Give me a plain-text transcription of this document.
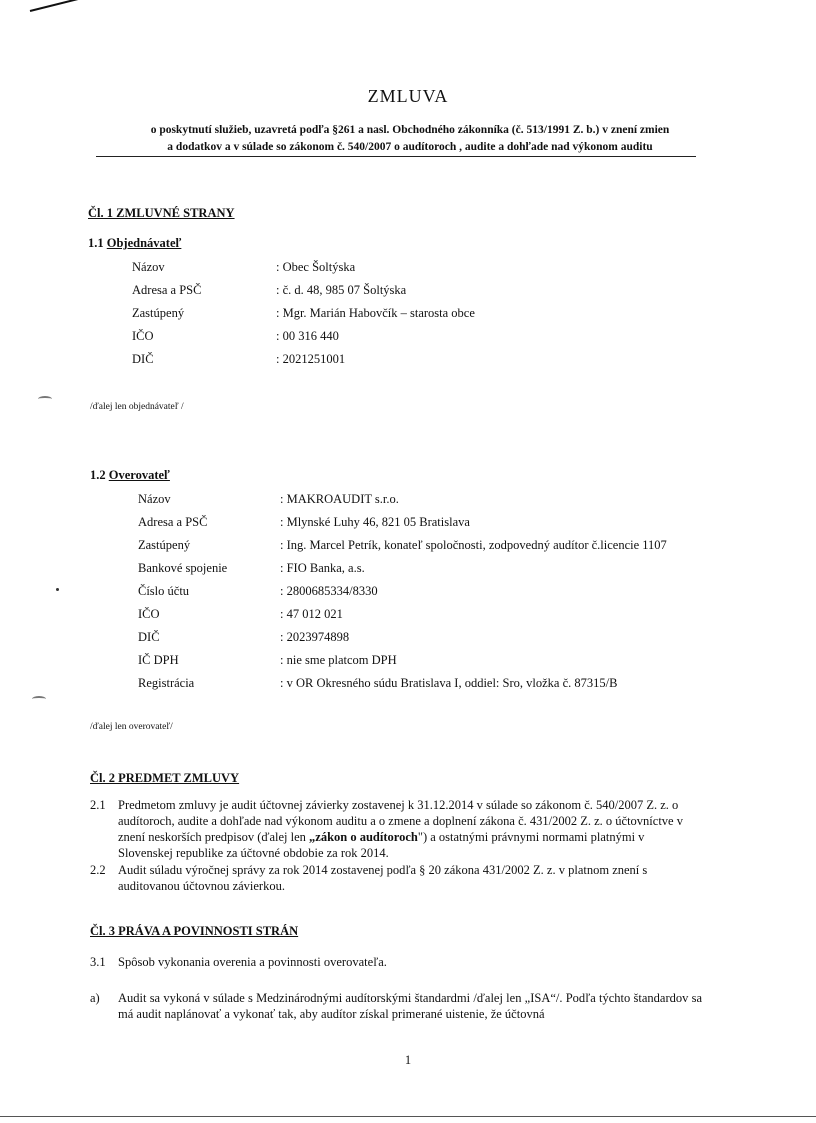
ZMLUVA
o poskytnutí služieb, uzavretá podľa §261 a nasl. Obchodného zákonníka (č. 513/1991 Z. b.) v znení zmien
a dodatkov a v súlade so zákonom č. 540/2007 o audítoroch , audite a dohľade nad výkonom auditu
Čl. 1 ZMLUVNÉ STRANY
1.1 Objednávateľ
Názov	: Obec Šoltýska
Adresa a PSČ	: č. d. 48, 985 07 Šoltýska
Zastúpený	: Mgr. Marián Habovčík – starosta obce
IČO	: 00 316 440
DIČ	: 2021251001
/ďalej len objednávateľ /
1.2 Overovateľ
Názov	: MAKROAUDIT s.r.o.
Adresa a PSČ	: Mlynské Luhy 46, 821 05 Bratislava
Zastúpený	: Ing. Marcel Petrík, konateľ spoločnosti, zodpovedný audítor č.licencie 1107
Bankové spojenie	: FIO Banka, a.s.
Číslo účtu	: 2800685334/8330
IČO	: 47 012 021
DIČ	: 2023974898
IČ DPH	: nie sme platcom DPH
Registrácia	: v OR Okresného súdu Bratislava I, oddiel: Sro, vložka č. 87315/B
/ďalej len overovateľ/
Čl. 2 PREDMET ZMLUVY
2.1 Predmetom zmluvy je audit účtovnej závierky zostavenej k 31.12.2014 v súlade so zákonom č. 540/2007 Z. z. o audítoroch, audite a dohľade nad výkonom auditu a o zmene a doplnení zákona č. 431/2002 Z. z. o účtovníctve v znení neskorších predpisov (ďalej len „zákon o audítoroch") a ostatnými právnymi normami platnými v Slovenskej republike za účtovné obdobie za rok 2014.
2.2 Audit súladu výročnej správy za rok 2014 zostavenej podľa § 20 zákona 431/2002 Z. z. v platnom znení s auditovanou účtovnou závierkou.
Čl. 3 PRÁVA A POVINNOSTI STRÁN
3.1 Spôsob vykonania overenia a povinnosti overovateľa.
a) Audit sa vykoná v súlade s Medzinárodnými audítorskými štandardmi /ďalej len „ISA“/. Podľa týchto štandardov sa má audit naplánovať a vykonať tak, aby audítor získal primerané uistenie, že účtovná
1
